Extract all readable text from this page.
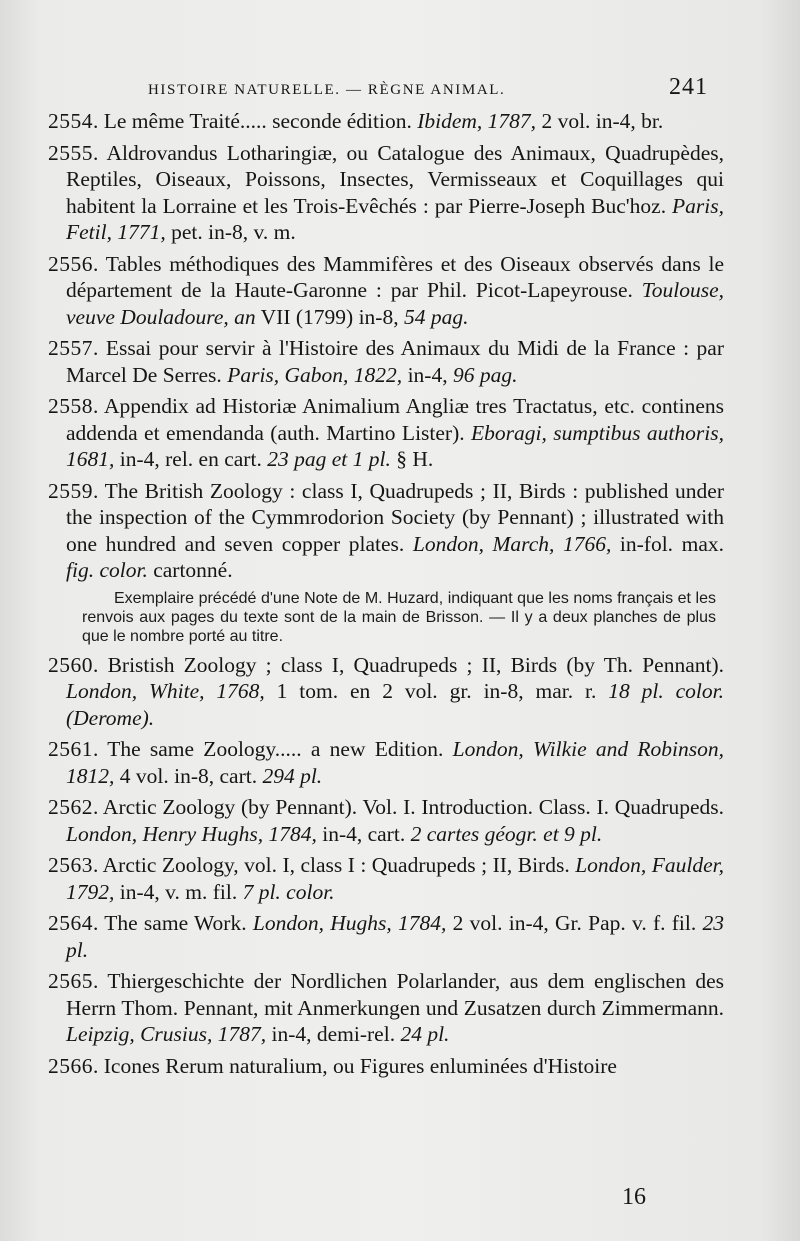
HISTOIRE NATURELLE. — RÈGNE ANIMAL.	241

2554. Le même Traité..... seconde édition. Ibidem, 1787, 2 vol. in-4, br.

2555. Aldrovandus Lotharingiæ, ou Catalogue des Animaux, Quadrupèdes, Reptiles, Oiseaux, Poissons, Insectes, Vermisseaux et Coquillages qui habitent la Lorraine et les Trois-Evêchés : par Pierre-Joseph Buc'hoz. Paris, Fetil, 1771, pet. in-8, v. m.

2556. Tables méthodiques des Mammifères et des Oiseaux observés dans le département de la Haute-Garonne : par Phil. Picot-Lapeyrouse. Toulouse, veuve Douladoure, an VII (1799) in-8, 54 pag.

2557. Essai pour servir à l'Histoire des Animaux du Midi de la France : par Marcel De Serres. Paris, Gabon, 1822, in-4, 96 pag.

2558. Appendix ad Historiæ Animalium Angliæ tres Tractatus, etc. continens addenda et emendanda (auth. Martino Lister). Eboragi, sumptibus authoris, 1681, in-4, rel. en cart. 23 pag et 1 pl. § H.

2559. The British Zoology : class I, Quadrupeds ; II, Birds : published under the inspection of the Cymmrodorion Society (by Pennant) ; illustrated with one hundred and seven copper plates. London, March, 1766, in-fol. max. fig. color. cartonné.

Exemplaire précédé d'une Note de M. Huzard, indiquant que les noms français et les renvois aux pages du texte sont de la main de Brisson. — Il y a deux planches de plus que le nombre porté au titre.

2560. Bristish Zoology ; class I, Quadrupeds ; II, Birds (by Th. Pennant). London, White, 1768, 1 tom. en 2 vol. gr. in-8, mar. r. 18 pl. color. (Derome).

2561. The same Zoology..... a new Edition. London, Wilkie and Robinson, 1812, 4 vol. in-8, cart. 294 pl.

2562. Arctic Zoology (by Pennant). Vol. I. Introduction. Class. I. Quadrupeds. London, Henry Hughs, 1784, in-4, cart. 2 cartes géogr. et 9 pl.

2563. Arctic Zoology, vol. I, class I : Quadrupeds ; II, Birds. London, Faulder, 1792, in-4, v. m. fil. 7 pl. color.

2564. The same Work. London, Hughs, 1784, 2 vol. in-4, Gr. Pap. v. f. fil. 23 pl.

2565. Thiergeschichte der Nordlichen Polarlander, aus dem englischen des Herrn Thom. Pennant, mit Anmerkungen und Zusatzen durch Zimmermann. Leipzig, Crusius, 1787, in-4, demi-rel. 24 pl.

2566. Icones Rerum naturalium, ou Figures enluminées d'Histoire

16
